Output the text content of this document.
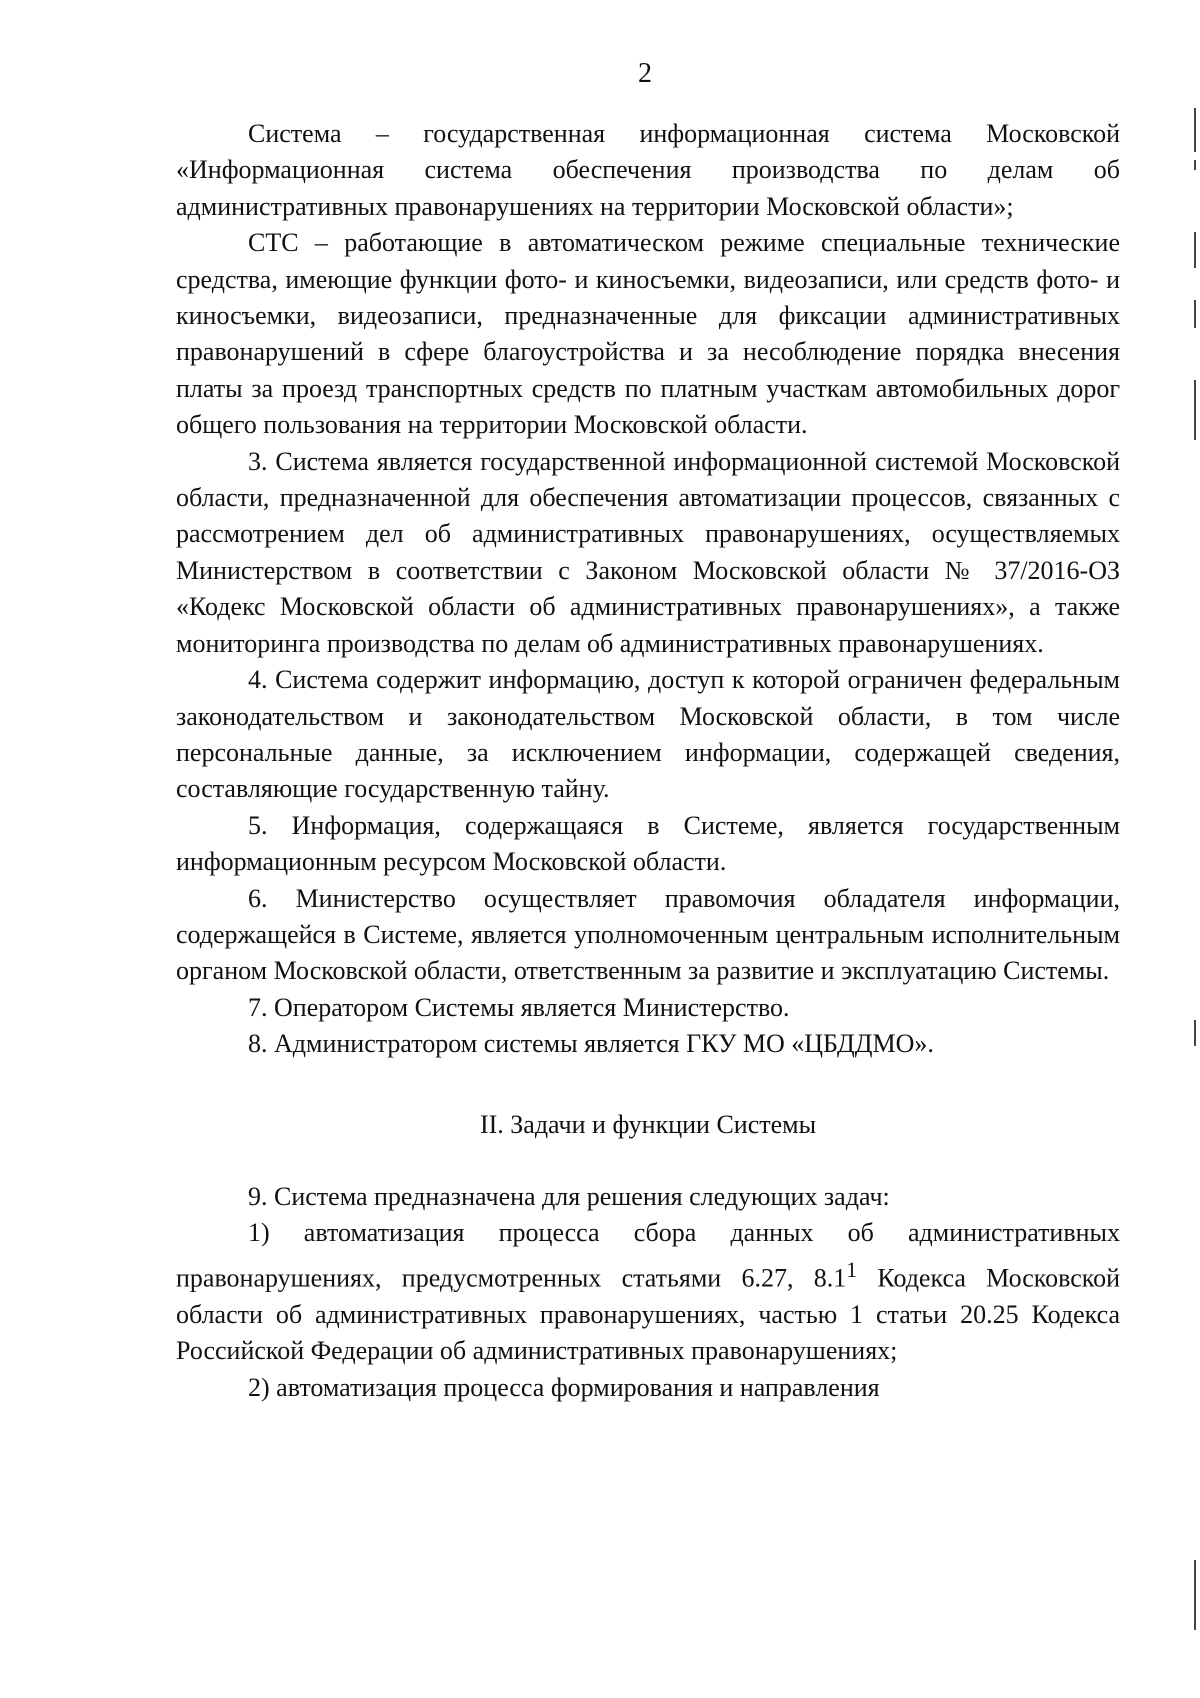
2

Система – государственная информационная система Московской «Информационная система обеспечения производства по делам об административных правонарушениях на территории Московской области»;

СТС – работающие в автоматическом режиме специальные технические средства, имеющие функции фото- и киносъемки, видеозаписи, или средств фото- и киносъемки, видеозаписи, предназначенные для фиксации административных правонарушений в сфере благоустройства и за несоблюдение порядка внесения платы за проезд транспортных средств по платным участкам автомобильных дорог общего пользования на территории Московской области.

3. Система является государственной информационной системой Московской области, предназначенной для обеспечения автоматизации процессов, связанных с рассмотрением дел об административных правонарушениях, осуществляемых Министерством в соответствии с Законом Московской области № 37/2016-ОЗ «Кодекс Московской области об административных правонарушениях», а также мониторинга производства по делам об административных правонарушениях.

4. Система содержит информацию, доступ к которой ограничен федеральным законодательством и законодательством Московской области, в том числе персональные данные, за исключением информации, содержащей сведения, составляющие государственную тайну.

5. Информация, содержащаяся в Системе, является государственным информационным ресурсом Московской области.

6. Министерство осуществляет правомочия обладателя информации, содержащейся в Системе, является уполномоченным центральным исполнительным органом Московской области, ответственным за развитие и эксплуатацию Системы.

7. Оператором Системы является Министерство.

8. Администратором системы является ГКУ МО «ЦБДДМО».

II. Задачи и функции Системы

9. Система предназначена для решения следующих задач:

1) автоматизация процесса сбора данных об административных правонарушениях, предусмотренных статьями 6.27, $8.1^1$ Кодекса Московской области об административных правонарушениях, частью 1 статьи 20.25 Кодекса Российской Федерации об административных правонарушениях;

2) автоматизация процесса формирования и направления
